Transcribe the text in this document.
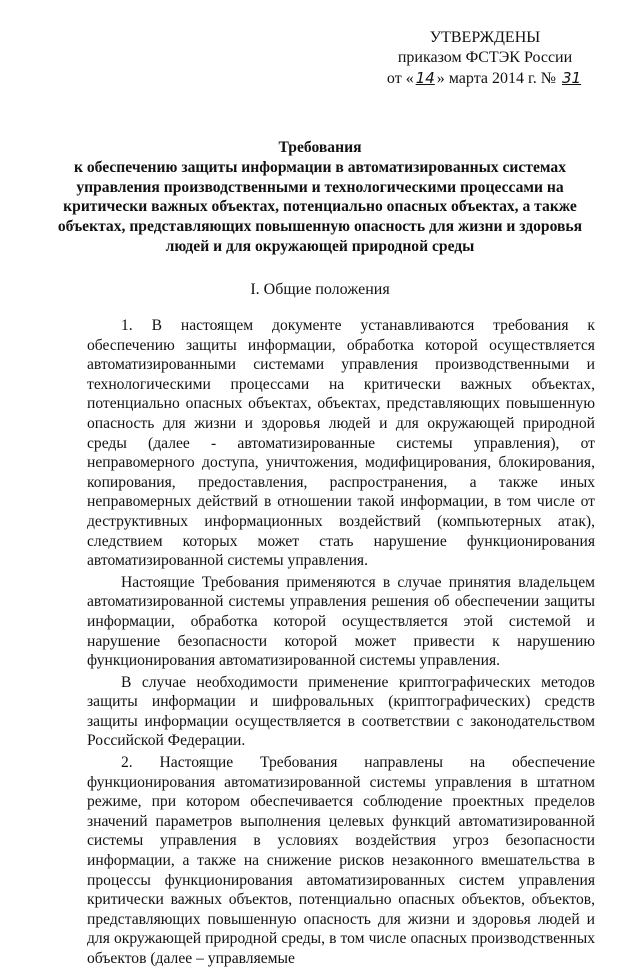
УТВЕРЖДЕНЫ
приказом ФСТЭК России
от « 14 » марта 2014 г. № 31
Требования
к обеспечению защиты информации в автоматизированных системах
управления производственными и технологическими процессами на
критически важных объектах, потенциально опасных объектах, а также
объектах, представляющих повышенную опасность для жизни и здоровья
людей и для окружающей природной среды
I. Общие положения

1. В настоящем документе устанавливаются требования к обеспечению защиты информации, обработка которой осуществляется автоматизированными системами управления производственными и технологическими процессами на критически важных объектах, потенциально опасных объектах, объектах, представляющих повышенную опасность для жизни и здоровья людей и для окружающей природной среды (далее - автоматизированные системы управления), от неправомерного доступа, уничтожения, модифицирования, блокирования, копирования, предоставления, распространения, а также иных неправомерных действий в отношении такой информации, в том числе от деструктивных информационных воздействий (компьютерных атак), следствием которых может стать нарушение функционирования автоматизированной системы управления.

Настоящие Требования применяются в случае принятия владельцем автоматизированной системы управления решения об обеспечении защиты информации, обработка которой осуществляется этой системой и нарушение безопасности которой может привести к нарушению функционирования автоматизированной системы управления.

В случае необходимости применение криптографических методов защиты информации и шифровальных (криптографических) средств защиты информации осуществляется в соответствии с законодательством Российской Федерации.

2. Настоящие Требования направлены на обеспечение функционирования автоматизированной системы управления в штатном режиме, при котором обеспечивается соблюдение проектных пределов значений параметров выполнения целевых функций автоматизированной системы управления в условиях воздействия угроз безопасности информации, а также на снижение рисков незаконного вмешательства в процессы функционирования автоматизированных систем управления критически важных объектов, потенциально опасных объектов, объектов, представляющих повышенную опасность для жизни и здоровья людей и для окружающей природной среды, в том числе опасных производственных объектов (далее – управляемые
